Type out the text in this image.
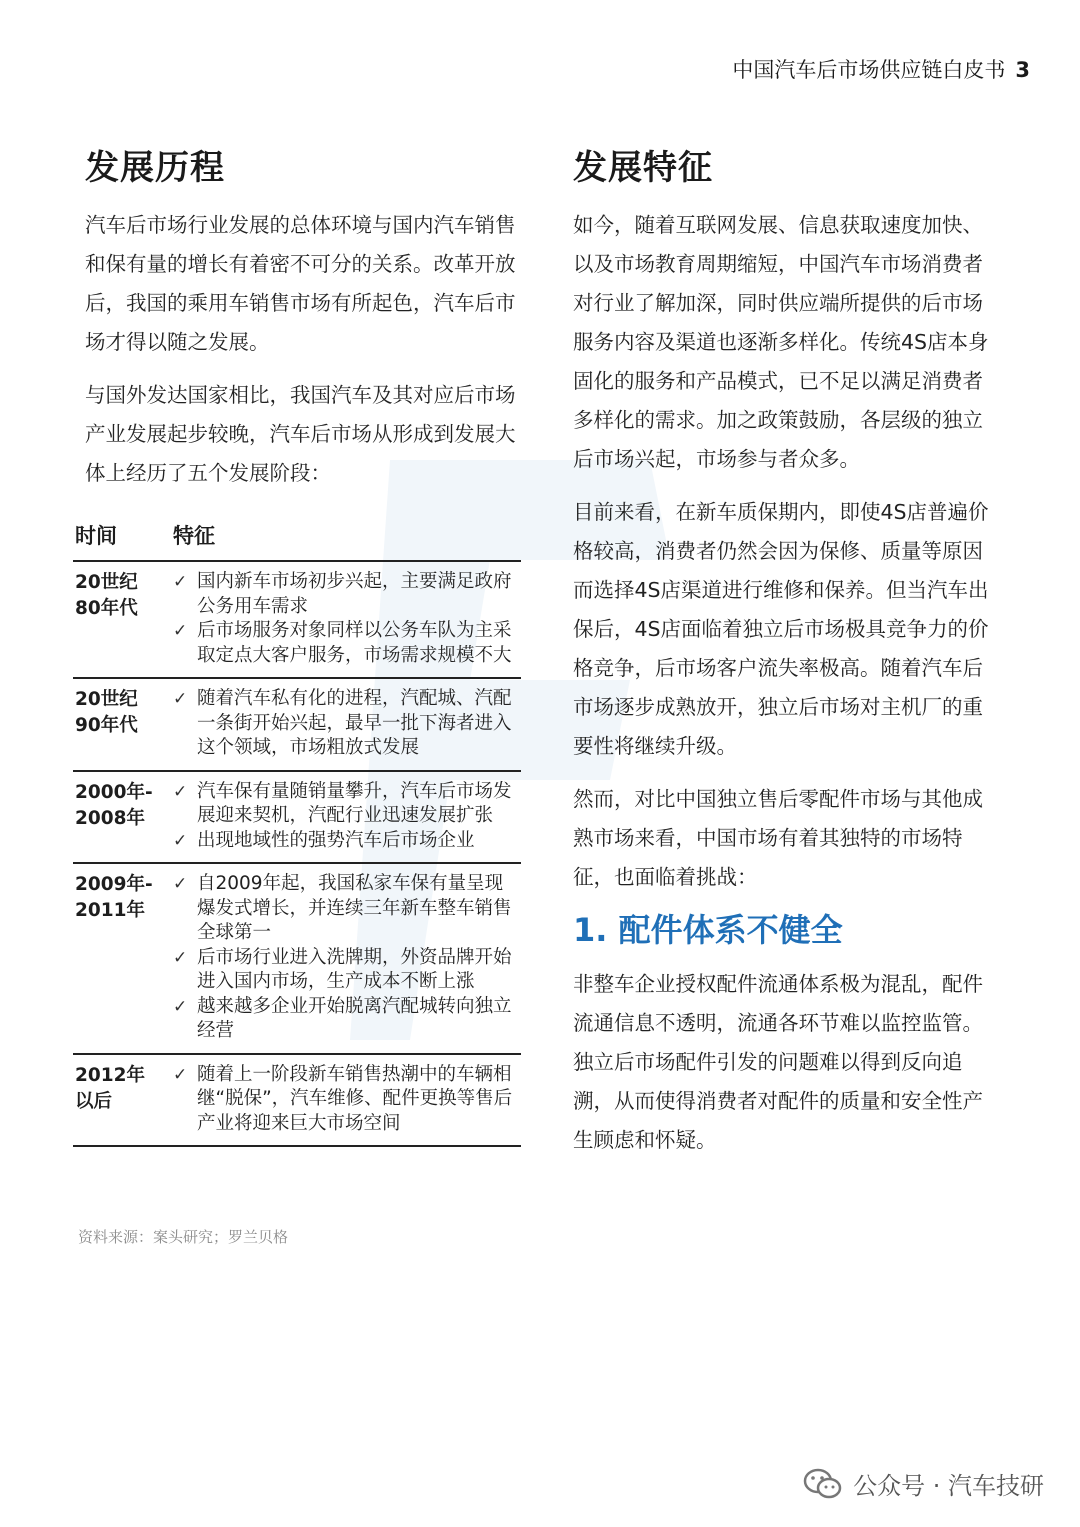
中国汽车后市场供应链白皮书 3
发展历程

汽车后市场行业发展的总体环境与国内汽车销售和保有量的增长有着密不可分的关系。改革开放后，我国的乘用车销售市场有所起色，汽车后市场才得以随之发展。

与国外发达国家相比，我国汽车及其对应后市场产业发展起步较晚，汽车后市场从形成到发展大体上经历了五个发展阶段：

时间	特征
20世纪
80年代
✓ 国内新车市场初步兴起，主要满足政府公务用车需求
✓ 后市场服务对象同样以公务车队为主采取定点大客户服务，市场需求规模不大
20世纪
90年代
✓ 随着汽车私有化的进程，汽配城、汽配一条街开始兴起，最早一批下海者进入这个领域，市场粗放式发展
2000年-
2008年
✓ 汽车保有量随销量攀升，汽车后市场发展迎来契机，汽配行业迅速发展扩张
✓ 出现地域性的强势汽车后市场企业
2009年-
2011年
✓ 自2009年起，我国私家车保有量呈现爆发式增长，并连续三年新车整车销售全球第一
✓ 后市场行业进入洗牌期，外资品牌开始进入国内市场，生产成本不断上涨
✓ 越来越多企业开始脱离汽配城转向独立经营
2012年
以后
✓ 随着上一阶段新车销售热潮中的车辆相继“脱保”，汽车维修、配件更换等售后产业将迎来巨大市场空间
资料来源：案头研究；罗兰贝格
发展特征

如今，随着互联网发展、信息获取速度加快、以及市场教育周期缩短，中国汽车市场消费者对行业了解加深，同时供应端所提供的后市场服务内容及渠道也逐渐多样化。传统4S店本身固化的服务和产品模式，已不足以满足消费者多样化的需求。加之政策鼓励，各层级的独立后市场兴起，市场参与者众多。

目前来看，在新车质保期内，即使4S店普遍价格较高，消费者仍然会因为保修、质量等原因而选择4S店渠道进行维修和保养。但当汽车出保后，4S店面临着独立后市场极具竞争力的价格竞争，后市场客户流失率极高。随着汽车后市场逐步成熟放开，独立后市场对主机厂的重要性将继续升级。

然而，对比中国独立售后零配件市场与其他成熟市场来看，中国市场有着其独特的市场特征，也面临着挑战：

1. 配件体系不健全

非整车企业授权配件流通体系极为混乱，配件流通信息不透明，流通各环节难以监控监管。独立后市场配件引发的问题难以得到反向追溯，从而使得消费者对配件的质量和安全性产生顾虑和怀疑。

公众号 · 汽车技研
